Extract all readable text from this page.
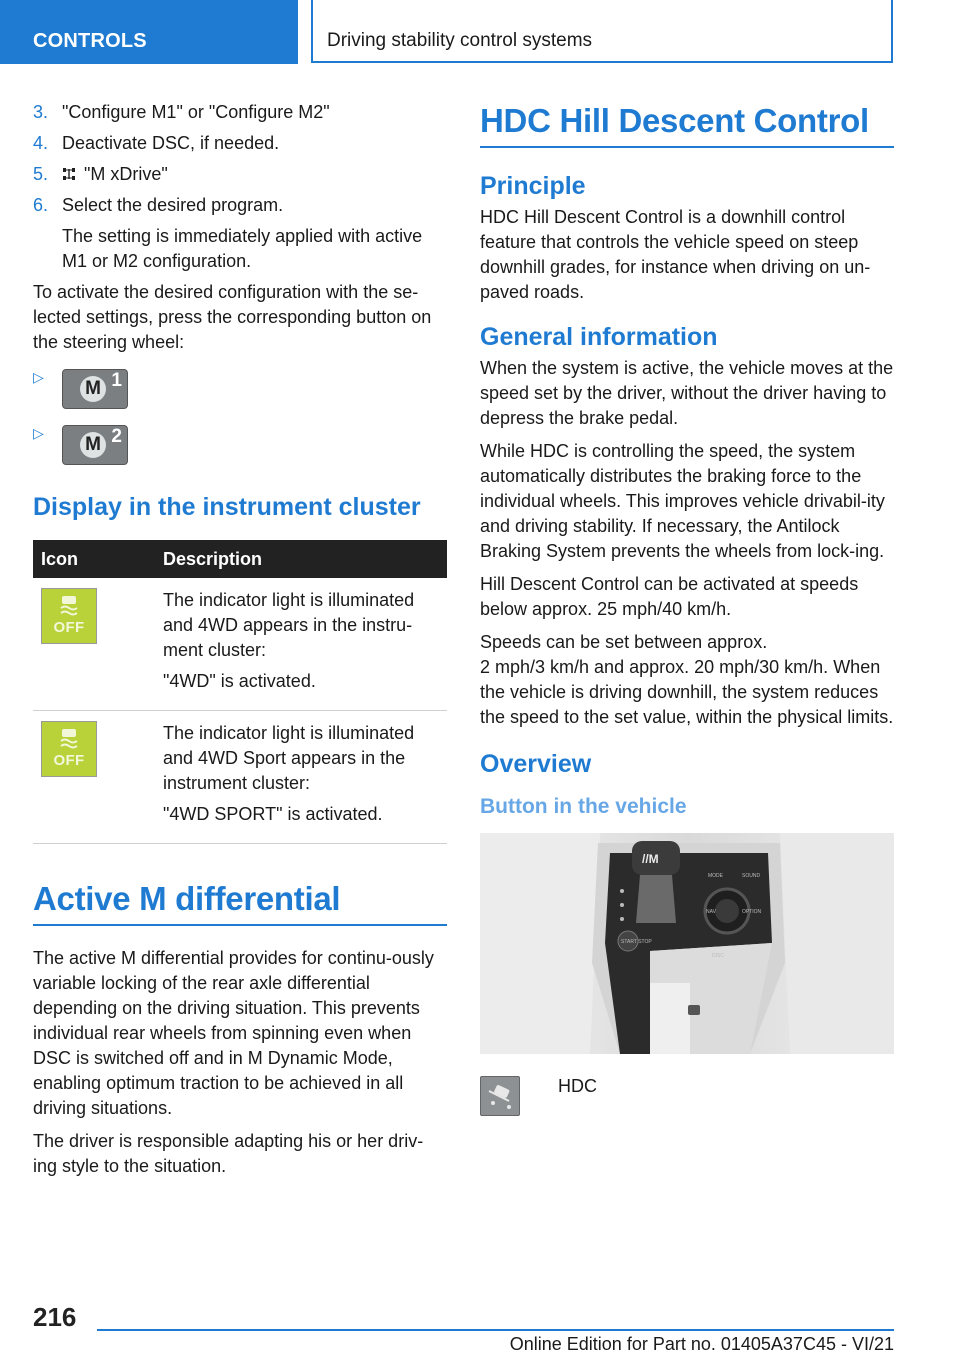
CONTROLS	Driving stability control systems
3. "Configure M1" or "Configure M2"
4. Deactivate DSC, if needed.
5. "M xDrive"
6. Select the desired program.
The setting is immediately applied with active M1 or M2 configuration.

To activate the desired configuration with the se-lected settings, press the corresponding button on the steering wheel:

▷
M 1
▷
M 2
Display in the instrument cluster
Icon	Description

OFF	The indicator light is illuminated and 4WD appears in the instru-ment cluster:

"4WD" is activated.

OFF	The indicator light is illuminated and 4WD Sport appears in the instrument cluster:

"4WD SPORT" is activated.

Active M differential

The active M differential provides for continu-ously variable locking of the rear axle differential depending on the driving situation. This prevents individual rear wheels from spinning even when DSC is switched off and in M Dynamic Mode, enabling optimum traction to be achieved in all driving situations.

The driver is responsible adapting his or her driv-ing style to the situation.

HDC Hill Descent Control
Principle

HDC Hill Descent Control is a downhill control feature that controls the vehicle speed on steep downhill grades, for instance when driving on un-paved roads.

General information

When the system is active, the vehicle moves at the speed set by the driver, without the driver having to depress the brake pedal.

While HDC is controlling the speed, the system automatically distributes the braking force to the individual wheels. This improves vehicle drivabil-ity and driving stability. If necessary, the Antilock Braking System prevents the wheels from lock-ing.

Hill Descent Control can be activated at speeds below approx. 25 mph/40 km/h.

Speeds can be set between approx.

2 mph/3 km/h and approx. 20 mph/30 km/h. When the vehicle is driving downhill, the system reduces the speed to the set value, within the physical limits.

Overview
Button in the vehicle
//M
MODE	SOUND NAV	OPTION DISC START STOP
HDC
216
Online Edition for Part no. 01405A37C45 - VI/21
